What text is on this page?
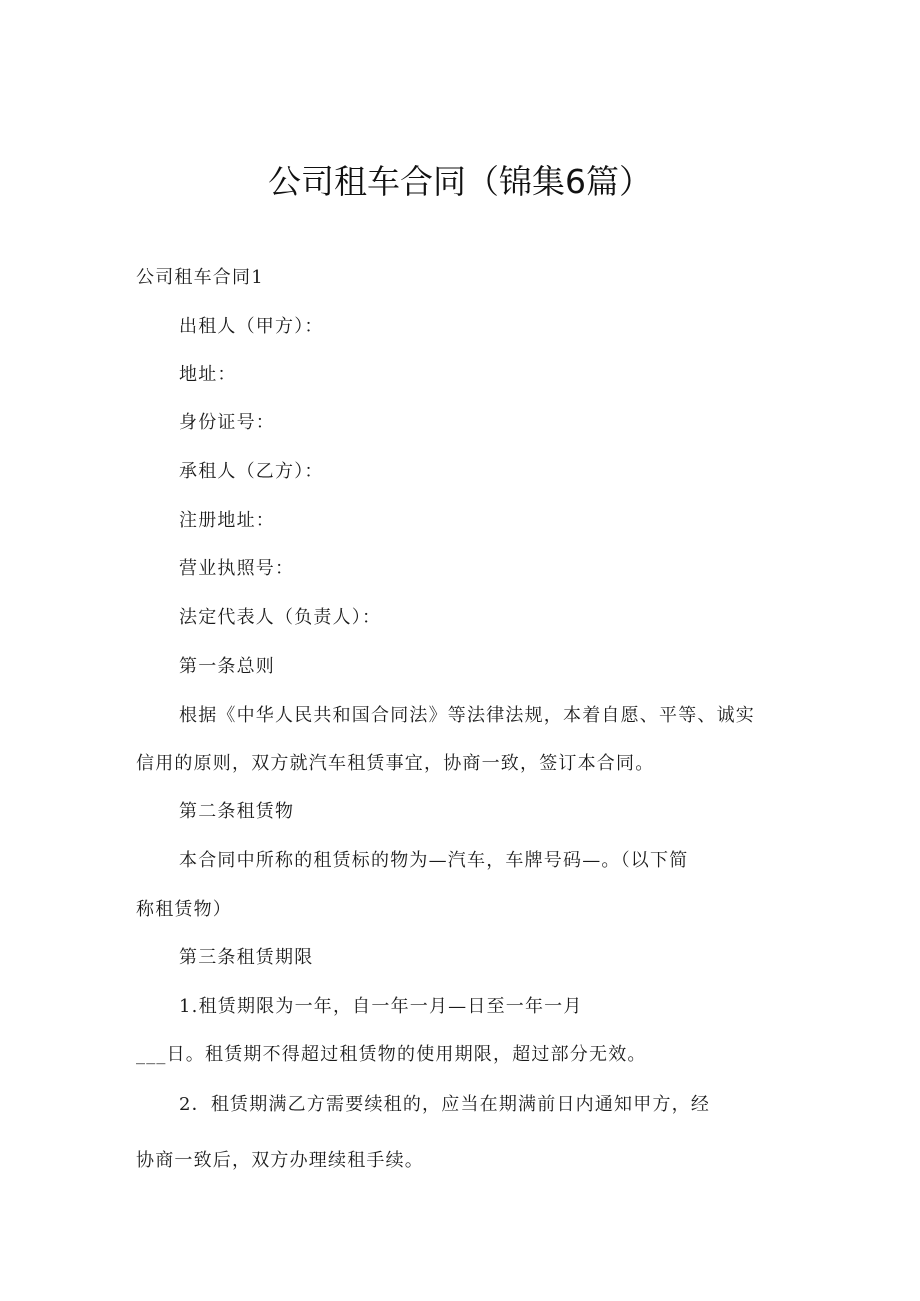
公司租车合同（锦集6篇）
公司租车合同1
出租人（甲方）：
地址：
身份证号：
承租人（乙方）：
注册地址：
营业执照号：
法定代表人（负责人）：
第一条总则
根据《中华人民共和国合同法》等法律法规，本着自愿、平等、诚实
信用的原则，双方就汽车租赁事宜，协商一致，签订本合同。
第二条租赁物
本合同中所称的租赁标的物为—汽车，车牌号码—。（以下简
称租赁物）
第三条租赁期限
1.租赁期限为一年，自一年一月—日至一年一月
___日。租赁期不得超过租赁物的使用期限，超过部分无效。
2．租赁期满乙方需要续租的，应当在期满前日内通知甲方，经
协商一致后，双方办理续租手续。
